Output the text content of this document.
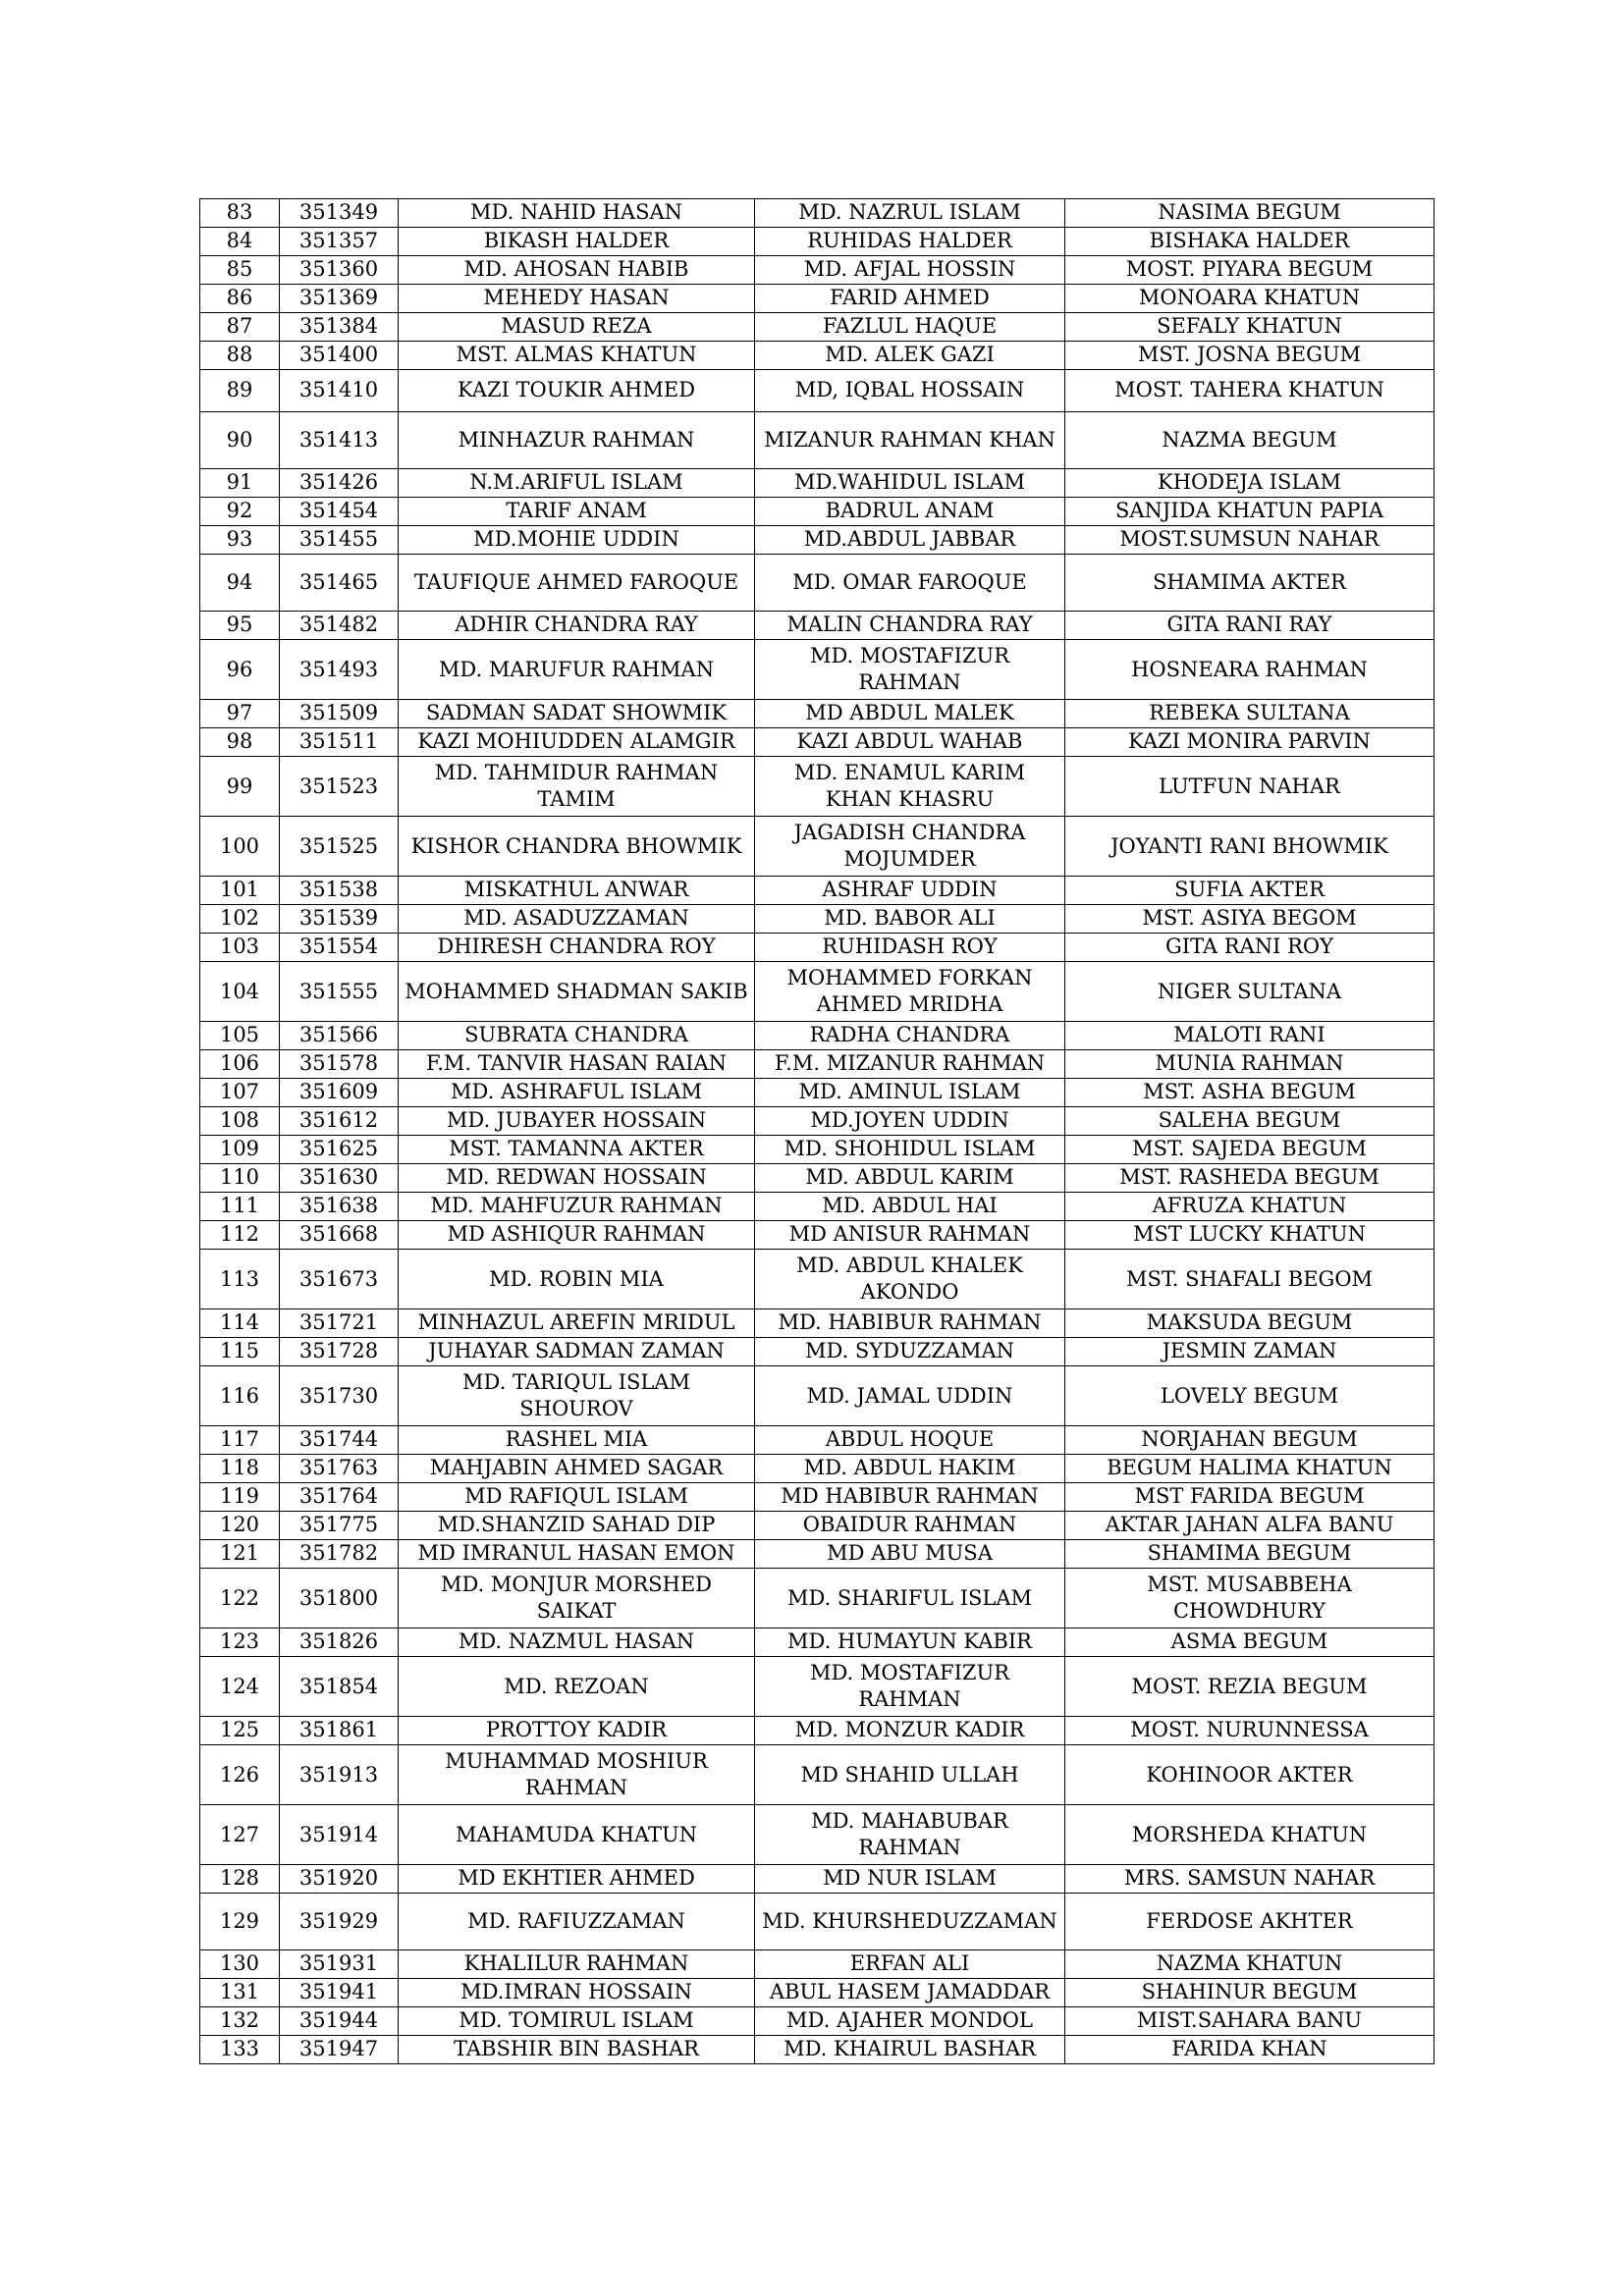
83	351349	MD. NAHID HASAN	MD. NAZRUL ISLAM	NASIMA BEGUM
84	351357	BIKASH HALDER	RUHIDAS HALDER	BISHAKA HALDER
85	351360	MD. AHOSAN HABIB	MD. AFJAL HOSSIN	MOST. PIYARA BEGUM
86	351369	MEHEDY HASAN	FARID AHMED	MONOARA KHATUN
87	351384	MASUD REZA	FAZLUL HAQUE	SEFALY KHATUN
88	351400	MST. ALMAS KHATUN	MD. ALEK GAZI	MST. JOSNA BEGUM
89	351410	KAZI TOUKIR AHMED	MD, IQBAL HOSSAIN	MOST. TAHERA KHATUN
90	351413	MINHAZUR RAHMAN	MIZANUR RAHMAN KHAN	NAZMA BEGUM
91	351426	N.M.ARIFUL ISLAM	MD.WAHIDUL ISLAM	KHODEJA ISLAM
92	351454	TARIF ANAM	BADRUL ANAM	SANJIDA KHATUN PAPIA
93	351455	MD.MOHIE UDDIN	MD.ABDUL JABBAR	MOST.SUMSUN NAHAR
94	351465	TAUFIQUE AHMED FAROQUE	MD. OMAR FAROQUE	SHAMIMA AKTER
95	351482	ADHIR CHANDRA RAY	MALIN CHANDRA RAY	GITA RANI RAY
96	351493	MD. MARUFUR RAHMAN	MD. MOSTAFIZUR RAHMAN	HOSNEARA RAHMAN
97	351509	SADMAN SADAT SHOWMIK	MD ABDUL MALEK	REBEKA SULTANA
98	351511	KAZI MOHIUDDEN ALAMGIR	KAZI ABDUL WAHAB	KAZI MONIRA PARVIN
99	351523	MD. TAHMIDUR RAHMAN TAMIM	MD. ENAMUL KARIM KHAN KHASRU	LUTFUN NAHAR
100	351525	KISHOR CHANDRA BHOWMIK	JAGADISH CHANDRA MOJUMDER	JOYANTI RANI BHOWMIK
101	351538	MISKATHUL ANWAR	ASHRAF UDDIN	SUFIA AKTER
102	351539	MD. ASADUZZAMAN	MD. BABOR ALI	MST. ASIYA BEGOM
103	351554	DHIRESH CHANDRA ROY	RUHIDASH ROY	GITA RANI ROY
104	351555	MOHAMMED SHADMAN SAKIB	MOHAMMED FORKAN AHMED MRIDHA	NIGER SULTANA
105	351566	SUBRATA CHANDRA	RADHA CHANDRA	MALOTI RANI
106	351578	F.M. TANVIR HASAN RAIAN	F.M. MIZANUR RAHMAN	MUNIA RAHMAN
107	351609	MD. ASHRAFUL ISLAM	MD. AMINUL ISLAM	MST. ASHA BEGUM
108	351612	MD. JUBAYER HOSSAIN	MD.JOYEN UDDIN	SALEHA BEGUM
109	351625	MST. TAMANNA AKTER	MD. SHOHIDUL ISLAM	MST. SAJEDA BEGUM
110	351630	MD. REDWAN HOSSAIN	MD. ABDUL KARIM	MST. RASHEDA BEGUM
111	351638	MD. MAHFUZUR RAHMAN	MD. ABDUL HAI	AFRUZA KHATUN
112	351668	MD ASHIQUR RAHMAN	MD ANISUR RAHMAN	MST LUCKY KHATUN
113	351673	MD. ROBIN MIA	MD. ABDUL KHALEK AKONDO	MST. SHAFALI BEGOM
114	351721	MINHAZUL AREFIN MRIDUL	MD. HABIBUR RAHMAN	MAKSUDA BEGUM
115	351728	JUHAYAR SADMAN ZAMAN	MD. SYDUZZAMAN	JESMIN ZAMAN
116	351730	MD. TARIQUL ISLAM SHOUROV	MD. JAMAL UDDIN	LOVELY BEGUM
117	351744	RASHEL MIA	ABDUL HOQUE	NORJAHAN BEGUM
118	351763	MAHJABIN AHMED SAGAR	MD. ABDUL HAKIM	BEGUM HALIMA KHATUN
119	351764	MD RAFIQUL ISLAM	MD HABIBUR RAHMAN	MST FARIDA BEGUM
120	351775	MD.SHANZID SAHAD DIP	OBAIDUR RAHMAN	AKTAR JAHAN ALFA BANU
121	351782	MD IMRANUL HASAN EMON	MD ABU MUSA	SHAMIMA BEGUM
122	351800	MD. MONJUR MORSHED SAIKAT	MD. SHARIFUL ISLAM	MST. MUSABBEHA CHOWDHURY
123	351826	MD. NAZMUL HASAN	MD. HUMAYUN KABIR	ASMA BEGUM
124	351854	MD. REZOAN	MD. MOSTAFIZUR RAHMAN	MOST. REZIA BEGUM
125	351861	PROTTOY KADIR	MD. MONZUR KADIR	MOST. NURUNNESSA
126	351913	MUHAMMAD MOSHIUR RAHMAN	MD SHAHID ULLAH	KOHINOOR AKTER
127	351914	MAHAMUDA KHATUN	MD. MAHABUBAR RAHMAN	MORSHEDA KHATUN
128	351920	MD EKHTIER AHMED	MD NUR ISLAM	MRS. SAMSUN NAHAR
129	351929	MD. RAFIUZZAMAN	MD. KHURSHEDUZZAMAN	FERDOSE AKHTER
130	351931	KHALILUR RAHMAN	ERFAN ALI	NAZMA KHATUN
131	351941	MD.IMRAN HOSSAIN	ABUL HASEM JAMADDAR	SHAHINUR BEGUM
132	351944	MD. TOMIRUL ISLAM	MD. AJAHER MONDOL	MIST.SAHARA BANU
133	351947	TABSHIR BIN BASHAR	MD. KHAIRUL BASHAR	FARIDA KHAN
